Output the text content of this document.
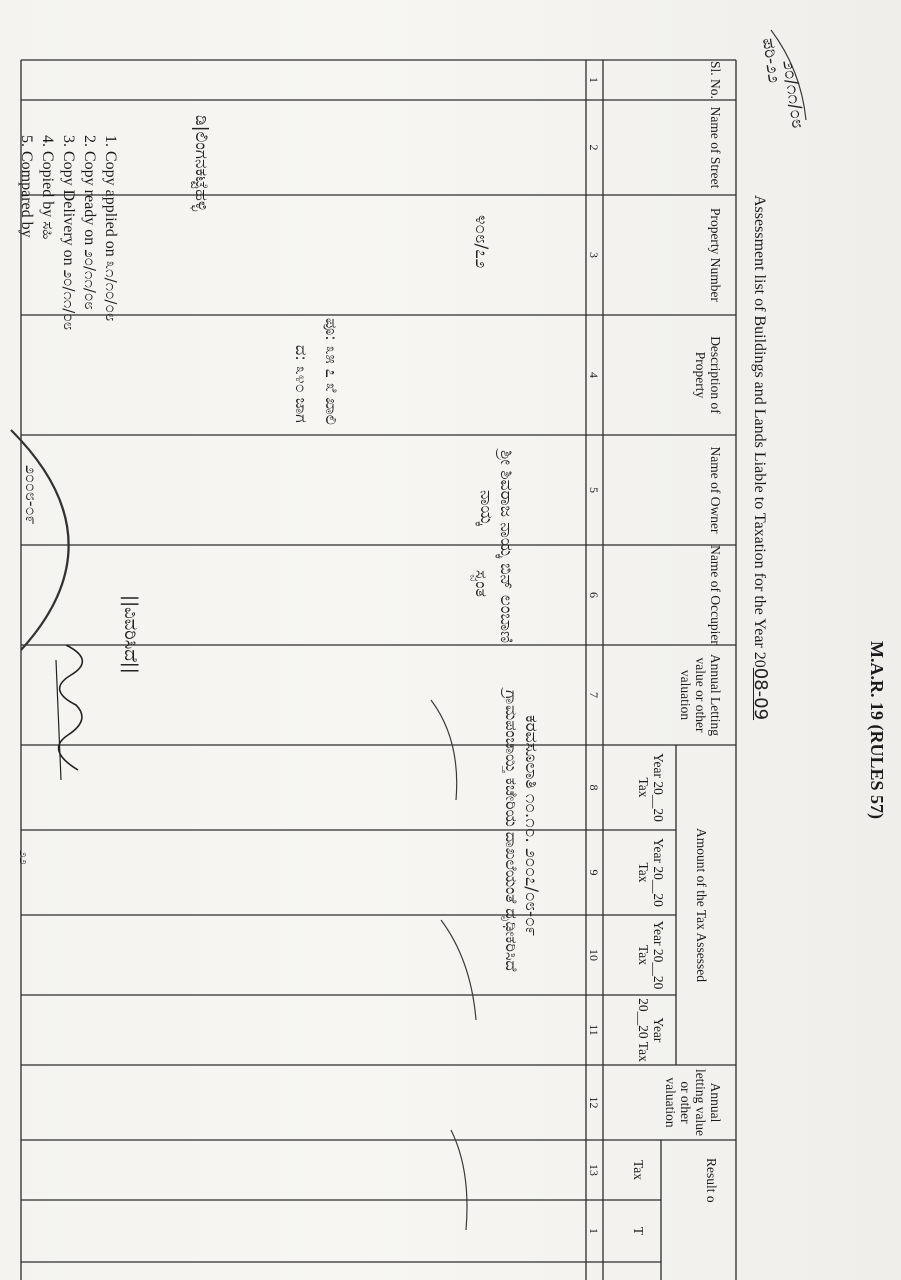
M.A.R. 19 (RULES 57)
Assessment list of Buildings and Lands Liable to Taxation for the Year 2008-09
Amount of the Tax Assessed
Result o
Sl. No.
Name of Street
Property Number
Description of Property
Name of Owner
Name of Occupier
Annual Letting value or other valuation
Year 20__20 Tax
Year 20__20 Tax
Year 20__20 Tax
Year 20__20 Tax
Annual letting value or other valuation
Tax
T
1
2
3
4
5
6
7
8
9
10
11
12
13
1
ಡಿ|ಲಿಂಗನಕಟ್ಟೆಹಳ್ಳಿ
೪೦೮/೭೨
ಪೂ: ೩೫ ೭ ೩ೆ ಖಾಲಿ
ದ: ೩೪೦ ಜಾಗ
ಶ್ರೀ ಶಿವರಾಜ ನಾಯ್ಕ ಬಿನ್ ಲಂಬಾಣಿ
ನಾಯ್ಕ
ಸ್ವಂತ
ಕರವಸೂಲಾತಿ ೧೦.೧೦. ೨೦೦೭/೦೮-೦೯
ಗ್ರಾಮಪಂಚಾಯ್ತಿ ಕಚೇರಿಯ ದಾಖಲೆಯಂತೆ ದೃಢೀಕರಿಸಿದೆ
ಪರಿ-೨೨
೨೦/೧೧/೦೮
1. Copy applied on ೩೧/೧೦/೦೮
2. Copy ready on ೨೦/೧೧/೦೮
3. Copy Delivery on ೨೦/೧೧/೦೮
4. Copied by ಸಹಿ
5. Compared by
||ವಿವರಿಸಿದೆ||
೨೦೦೮-೦೯
೨೨
